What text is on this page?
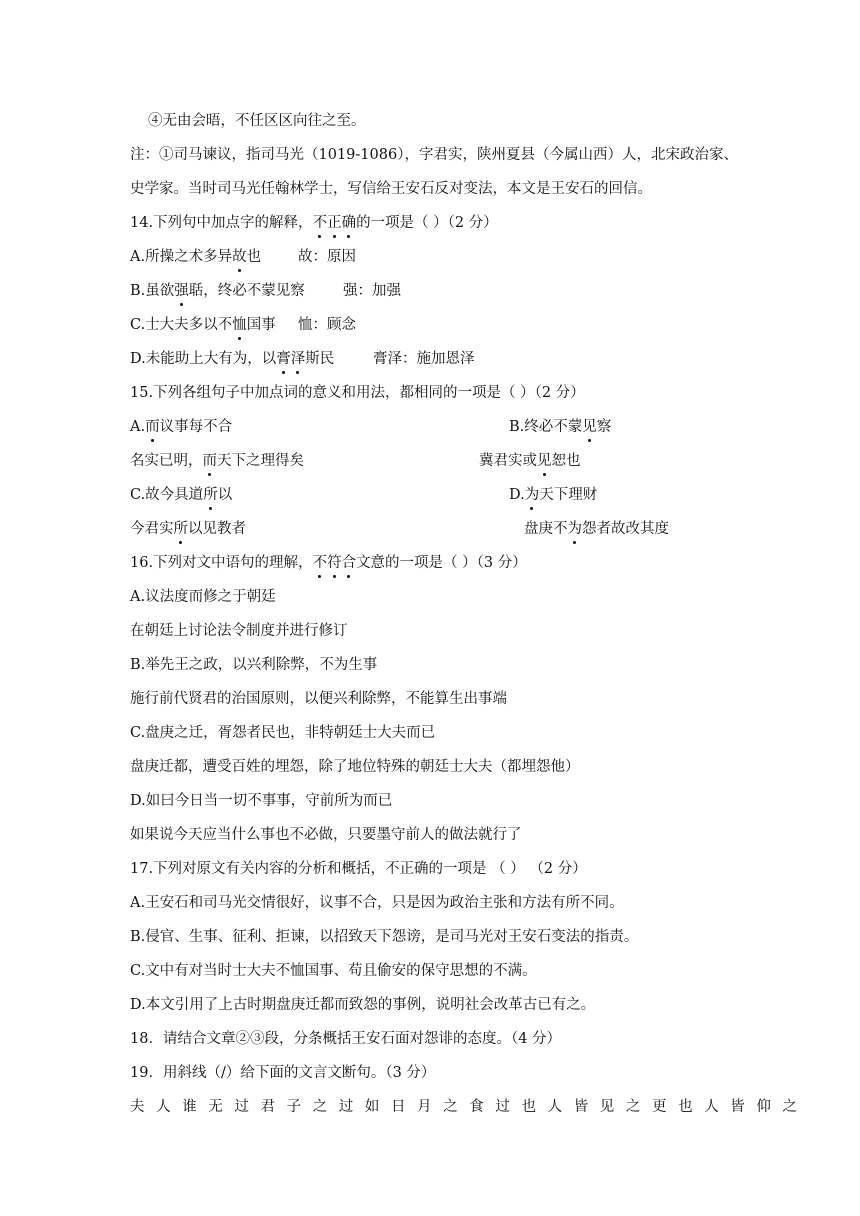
④无由会晤，不任区区向往之至。
注：①司马谏议，指司马光（1019-1086），字君实，陕州夏县（今属山西）人，北宋政治家、
史学家。当时司马光任翰林学士，写信给王安石反对变法，本文是王安石的回信。
14.下列句中加点字的解释，不正确的一项是（ ）（2 分）
A.所操之术多异故也	故：原因
B.虽欲强聒，终必不蒙见察	强：加强
C.士大夫多以不恤国事 恤：顾念
D.未能助上大有为，以膏泽斯民	膏泽：施加恩泽
15.下列各组句子中加点词的意义和用法，都相同的一项是（ ）（2 分）
A.而议事每不合	B.终必不蒙见察
名实已明，而天下之理得矣	冀君实或见恕也
C.故今具道所以	D.为天下理财
今君实所以见教者	盘庚不为怨者故改其度
16.下列对文中语句的理解，不符合文意的一项是（ ）（3 分）
A.议法度而修之于朝廷
在朝廷上讨论法令制度并进行修订
B.举先王之政，以兴利除弊，不为生事
施行前代贤君的治国原则，以便兴利除弊，不能算生出事端
C.盘庚之迁，胥怨者民也，非特朝廷士大夫而已
盘庚迁都，遭受百姓的埋怨，除了地位特殊的朝廷士大夫（都埋怨他）
D.如曰今日当一切不事事，守前所为而已
如果说今天应当什么事也不必做，只要墨守前人的做法就行了
17.下列对原文有关内容的分析和概括，不正确的一项是 （ ） （2 分）
A.王安石和司马光交情很好，议事不合，只是因为政治主张和方法有所不同。
B.侵官、生事、征利、拒谏，以招致天下怨谤，是司马光对王安石变法的指责。
C.文中有对当时士大夫不恤国事、苟且偷安的保守思想的不满。
D.本文引用了上古时期盘庚迁都而致怨的事例，说明社会改革古已有之。
18．请结合文章②③段，分条概括王安石面对怨诽的态度。（4 分）
19．用斜线（/）给下面的文言文断句。（3 分）
夫人谁无过君子之过如日月之食过也人皆见之更也人皆仰之
